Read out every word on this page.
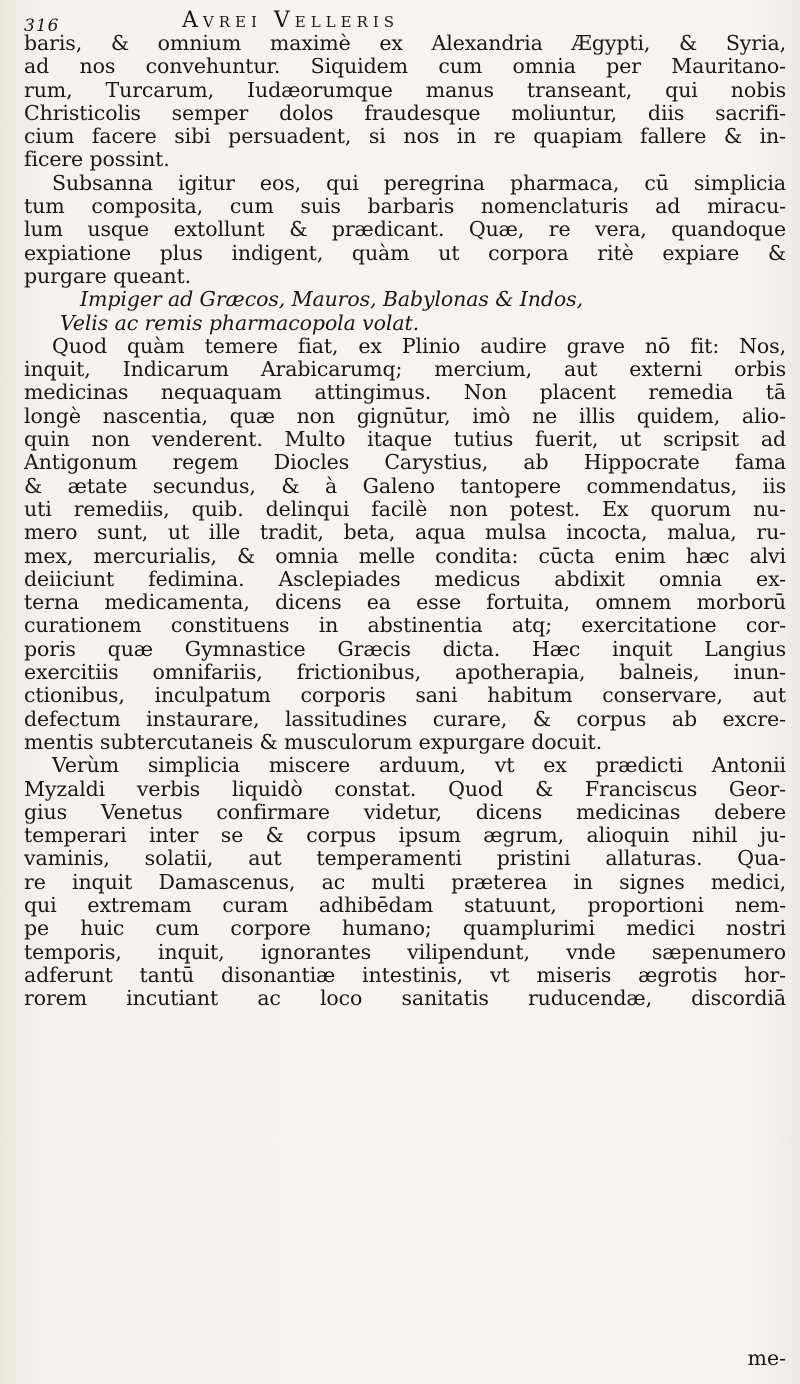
316	Avrei Velleris
baris, & omnium maximè ex Alexandria Ægypti, & Syria,
ad nos convehuntur. Siquidem cum omnia per Mauritano-
rum, Turcarum, Iudæorumque manus transeant, qui nobis
Christicolis semper dolos fraudesque moliuntur, diis sacrifi-
cium facere sibi persuadent, si nos in re quapiam fallere & in-
ficere possint.
Subsanna igitur eos, qui peregrina pharmaca, cū simplicia
tum composita, cum suis barbaris nomenclaturis ad miracu-
lum usque extollunt & prædicant. Quæ, re vera, quandoque
expiatione plus indigent, quàm ut corpora ritè expiare &
purgare queant.
Impiger ad Græcos, Mauros, Babylonas & Indos,
Velis ac remis pharmacopola volat.
Quod quàm temere fiat, ex Plinio audire grave nō fit: Nos,
inquit, Indicarum Arabicarumq; mercium, aut externi orbis
medicinas nequaquam attingimus. Non placent remedia tā
longè nascentia, quæ non gignūtur, imò ne illis quidem, alio-
quin non venderent. Multo itaque tutius fuerit, ut scripsit ad
Antigonum regem Diocles Carystius, ab Hippocrate fama
& ætate secundus, & à Galeno tantopere commendatus, iis
uti remediis, quib. delinqui facilè non potest. Ex quorum nu-
mero sunt, ut ille tradit, beta, aqua mulsa incocta, malua, ru-
mex, mercurialis, & omnia melle condita: cūcta enim hæc alvi
deiiciunt fedimina. Asclepiades medicus abdixit omnia ex-
terna medicamenta, dicens ea esse fortuita, omnem morborū
curationem constituens in abstinentia atq; exercitatione cor-
poris quæ Gymnastice Græcis dicta. Hæc inquit Langius
exercitiis omnifariis, frictionibus, apotherapia, balneis, inun-
ctionibus, inculpatum corporis sani habitum conservare, aut
defectum instaurare, lassitudines curare, & corpus ab excre-
mentis subtercutaneis & musculorum expurgare docuit.
Verùm simplicia miscere arduum, vt ex prædicti Antonii
Myzaldi verbis liquidò constat. Quod & Franciscus Geor-
gius Venetus confirmare videtur, dicens medicinas debere
temperari inter se & corpus ipsum ægrum, alioquin nihil ju-
vaminis, solatii, aut temperamenti pristini allaturas. Qua-
re inquit Damascenus, ac multi præterea in signes medici,
qui extremam curam adhibēdam statuunt, proportioni nem-
pe huic cum corpore humano; quamplurimi medici nostri
temporis, inquit, ignorantes vilipendunt, vnde sæpenumero
adferunt tantū disonantiæ intestinis, vt miseris ægrotis hor-
rorem incutiant ac loco sanitatis ruducendæ, discordiā
me-
